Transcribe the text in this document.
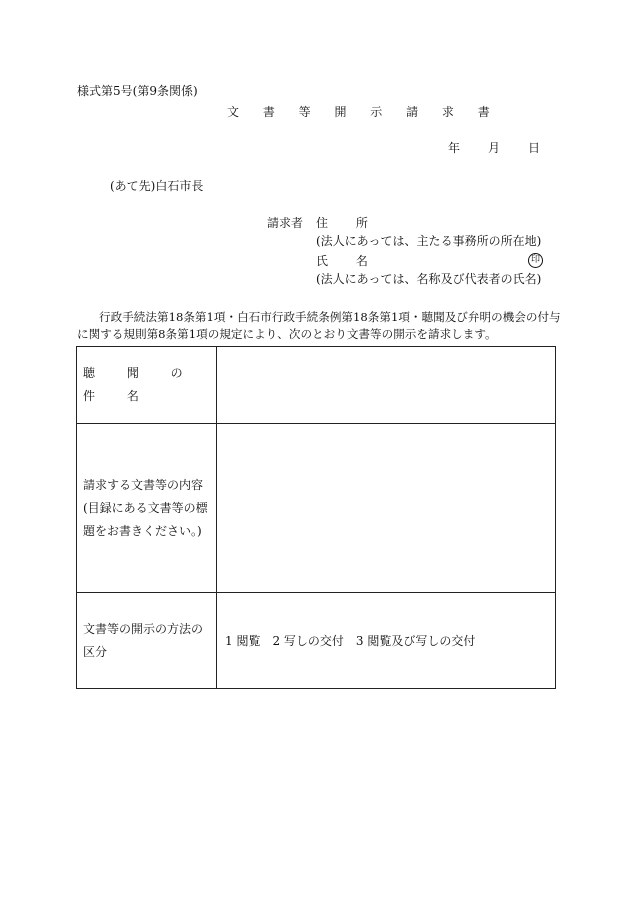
様式第5号(第9条関係)
文 書 等 開 示 請 求 書
年 月 日
(あて先)白石市長
請求者 住 所
(法人にあっては、主たる事務所の所在地)
氏 名	印
(法人にあっては、名称及び代表者の氏名)
行政手続法第18条第1項・白石市行政手続条例第18条第1項・聴聞及び弁明の機会の付与に関する規則第8条第1項の規定により、次のとおり文書等の開示を請求します。
聴 聞 の 件 名	
請求する文書等の内容(目録にある文書等の標題をお書きください。)	
文書等の開示の方法の区分	1 閲覧　2 写しの交付　3 閲覧及び写しの交付
